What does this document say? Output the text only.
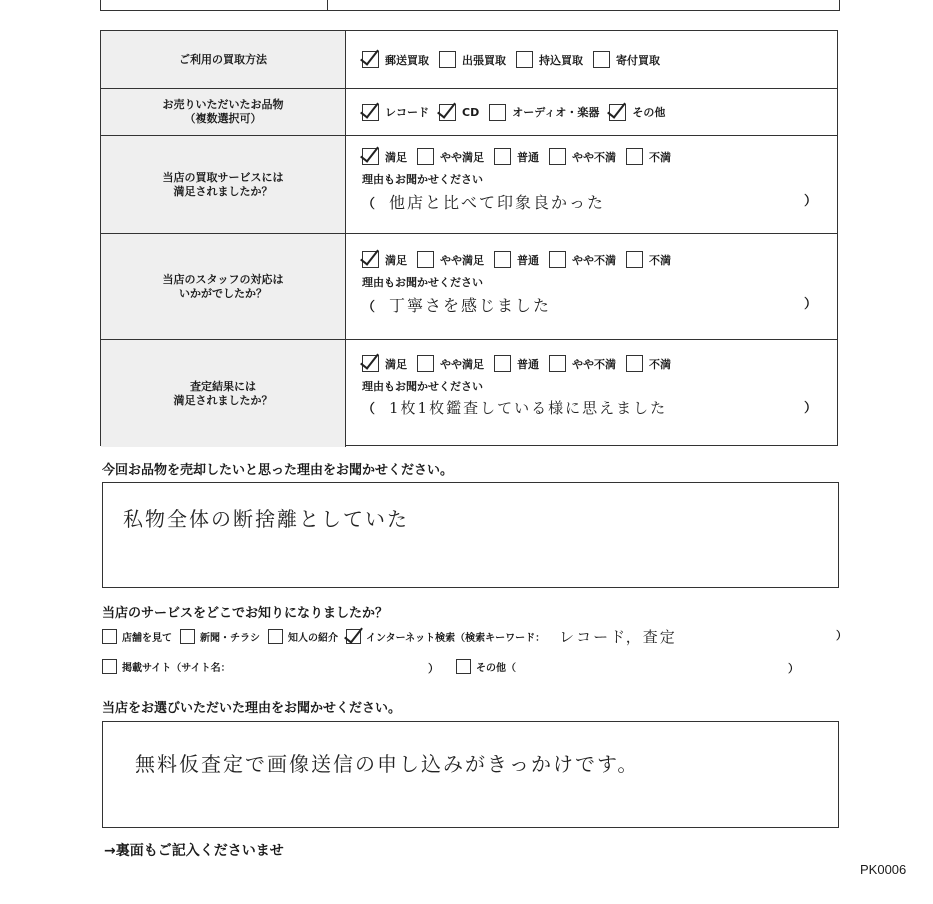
ご利用の買取方法	郵送買取	出張買取	持込買取	寄付買取
お売りいただいたお品物
（複数選択可）	レコード	CD	オーディオ・楽器	その他
当店の買取サービスには
満足されましたか？
満足	やや満足	普通	やや不満	不満
理由もお聞かせください
（ 他店と比べて印象良かった	）
当店のスタッフの対応は
いかがでしたか？
満足	やや満足	普通	やや不満	不満
理由もお聞かせください
（ 丁寧さを感じました	）
査定結果には
満足されましたか？
満足	やや満足	普通	やや不満	不満
理由もお聞かせください
（ 1枚1枚鑑査している様に思えました	）
今回お品物を売却したいと思った理由をお聞かせください。
私物全体の断捨離としていた
当店のサービスをどこでお知りになりましたか？
店舗を見て	新聞・チラシ	知人の紹介	インターネット検索（検索キーワード： レコード，査定	）
掲載サイト（サイト名：	）	その他（	）
当店をお選びいただいた理由をお聞かせください。
無料仮査定で画像送信の申し込みがきっかけです。
→裏面もご記入くださいませ
PK0006
